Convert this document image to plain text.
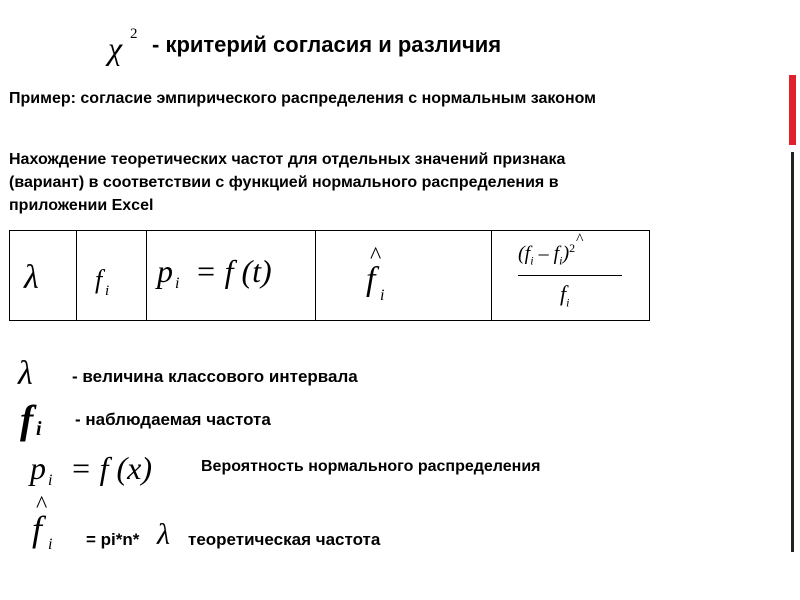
χ 2 - критерий согласия и различия
Пример: согласие эмпирического распределения с нормальным законом
Нахождение теоретических частот для отдельных значений признака
(вариант) в соответствии с функцией нормального распределения в
приложении Excel
λ f i
p i = f (t)	^
f i
$(f_i - f_i)^2$ ^
$f_i$
λ - величина классового интервала
f i - наблюдаемая частота
p i = f (x)	Вероятность нормального распределения
^
f i = pi*n* λ теоретическая частота
